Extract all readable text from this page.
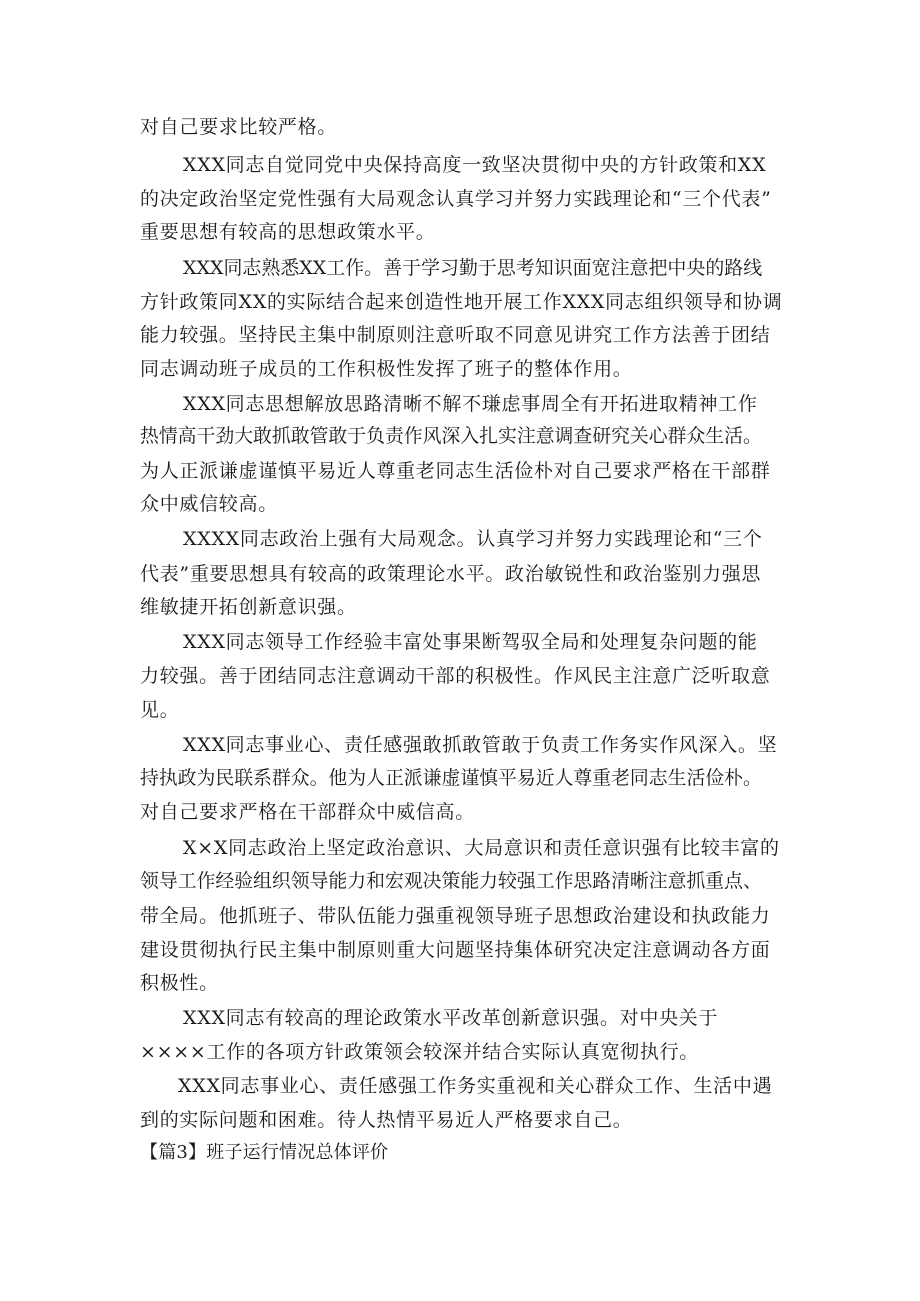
对自己要求比较严格。
XXX同志自觉同党中央保持高度一致坚决贯彻中央的方针政策和XX
的决定政治坚定党性强有大局观念认真学习并努力实践理论和“三个代表”
重要思想有较高的思想政策水平。
XXX同志熟悉XX工作。善于学习勤于思考知识面宽注意把中央的路线
方针政策同XX的实际结合起来创造性地开展工作XXX同志组织领导和协调
能力较强。坚持民主集中制原则注意听取不同意见讲究工作方法善于团结
同志调动班子成员的工作积极性发挥了班子的整体作用。
XXX同志思想解放思路清晰不解不㻩虑事周全有开拓进取精神工作
热情高干劲大敢抓敢管敢于负责作风深入扎实注意调查研究关心群众生活。
为人正派谦虚谨慎平易近人尊重老同志生活俭朴对自己要求严格在干部群
众中威信较高。
XXXX同志政治上强有大局观念。认真学习并努力实践理论和“三个
代表”重要思想具有较高的政策理论水平。政治敏锐性和政治鉴别力强思
维敏捷开拓创新意识强。
XXX同志领导工作经验丰富处事果断驾驭全局和处理复杂问题的能
力较强。善于团结同志注意调动干部的积极性。作风民主注意广泛听取意
见。
XXX同志事业心、责任感强敢抓敢管敢于负责工作务实作风深入。坚
持执政为民联系群众。他为人正派谦虚谨慎平易近人尊重老同志生活俭朴。
对自己要求严格在干部群众中威信高。
X×X同志政治上坚定政治意识、大局意识和责任意识强有比较丰富的
领导工作经验组织领导能力和宏观决策能力较强工作思路清晰注意抓重点、
带全局。他抓班子、带队伍能力强重视领导班子思想政治建设和执政能力
建设贯彻执行民主集中制原则重大问题坚持集体研究决定注意调动各方面
积极性。
XXX同志有较高的理论政策水平改革创新意识强。对中央关于
××××工作的各项方针政策领会较深并结合实际认真宽彻执行。
XXX同志事业心、责任感强工作务实重视和关心群众工作、生活中遇
到的实际问题和困难。待人热情平易近人严格要求自己。
【篇3】班子运行情况总体评价
